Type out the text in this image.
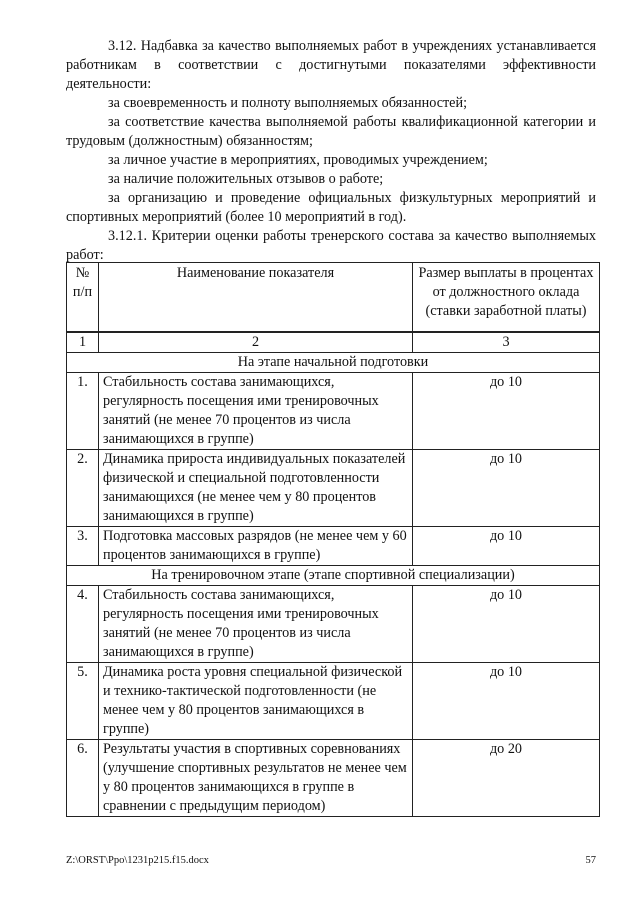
3.12. Надбавка за качество выполняемых работ в учреждениях устанавливается работникам в соответствии с достигнутыми показателями эффективности деятельности:

за своевременность и полноту выполняемых обязанностей;

за соответствие качества выполняемой работы квалификационной категории и трудовым (должностным) обязанностям;

за личное участие в мероприятиях, проводимых учреждением;

за наличие положительных отзывов о работе;

за организацию и проведение официальных физкультурных мероприятий и спортивных мероприятий (более 10 мероприятий в год).

3.12.1. Критерии оценки работы тренерского состава за качество выполняемых работ:

№ п/п	Наименование показателя	Размер выплаты в процентах от должностного оклада (ставки заработной платы)
1	2	3
На этапе начальной подготовки		
1.	Стабильность состава занимающихся, регулярность посещения ими тренировочных занятий (не менее 70 процентов из числа занимающихся в группе)	до 10
2.	Динамика прироста индивидуальных показателей физической и специальной подготовленности занимающихся (не менее чем у 80 процентов занимающихся в группе)	до 10
3.	Подготовка массовых разрядов (не менее чем у 60 процентов занимающихся в группе)	до 10
На тренировочном этапе (этапе спортивной специализации)		
4.	Стабильность состава занимающихся, регулярность посещения ими тренировочных занятий (не менее 70 процентов из числа занимающихся в группе)	до 10
5.	Динамика роста уровня специальной физической и технико-тактической подготовленности (не менее чем у 80 процентов занимающихся в группе)	до 10
6.	Результаты участия в спортивных соревнованиях (улучшение спортивных результатов не менее чем у 80 процентов занимающихся в группе в сравнении с предыдущим периодом)	до 20
Z:\ORST\Ppo\1231p215.f15.docx	57
